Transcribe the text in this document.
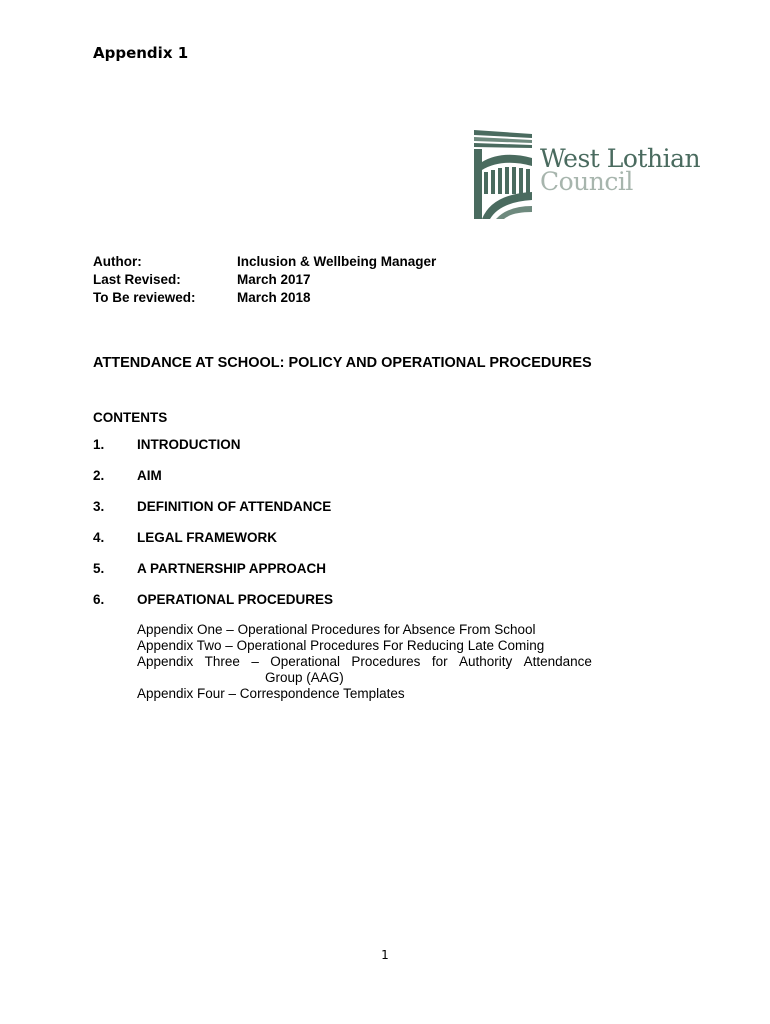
Appendix 1
West Lothian
Council
Author:	Inclusion & Wellbeing Manager
Last Revised:	March 2017
To Be reviewed:	March 2018
ATTENDANCE AT SCHOOL: POLICY AND OPERATIONAL PROCEDURES
CONTENTS
1.	INTRODUCTION
2.	AIM
3.	DEFINITION OF ATTENDANCE
4.	LEGAL FRAMEWORK
5.	A PARTNERSHIP APPROACH
6.	OPERATIONAL PROCEDURES
Appendix One – Operational Procedures for Absence From School
Appendix Two – Operational Procedures For Reducing Late Coming
Appendix Three – Operational Procedures for Authority Attendance
Group (AAG)
Appendix Four – Correspondence Templates
1
